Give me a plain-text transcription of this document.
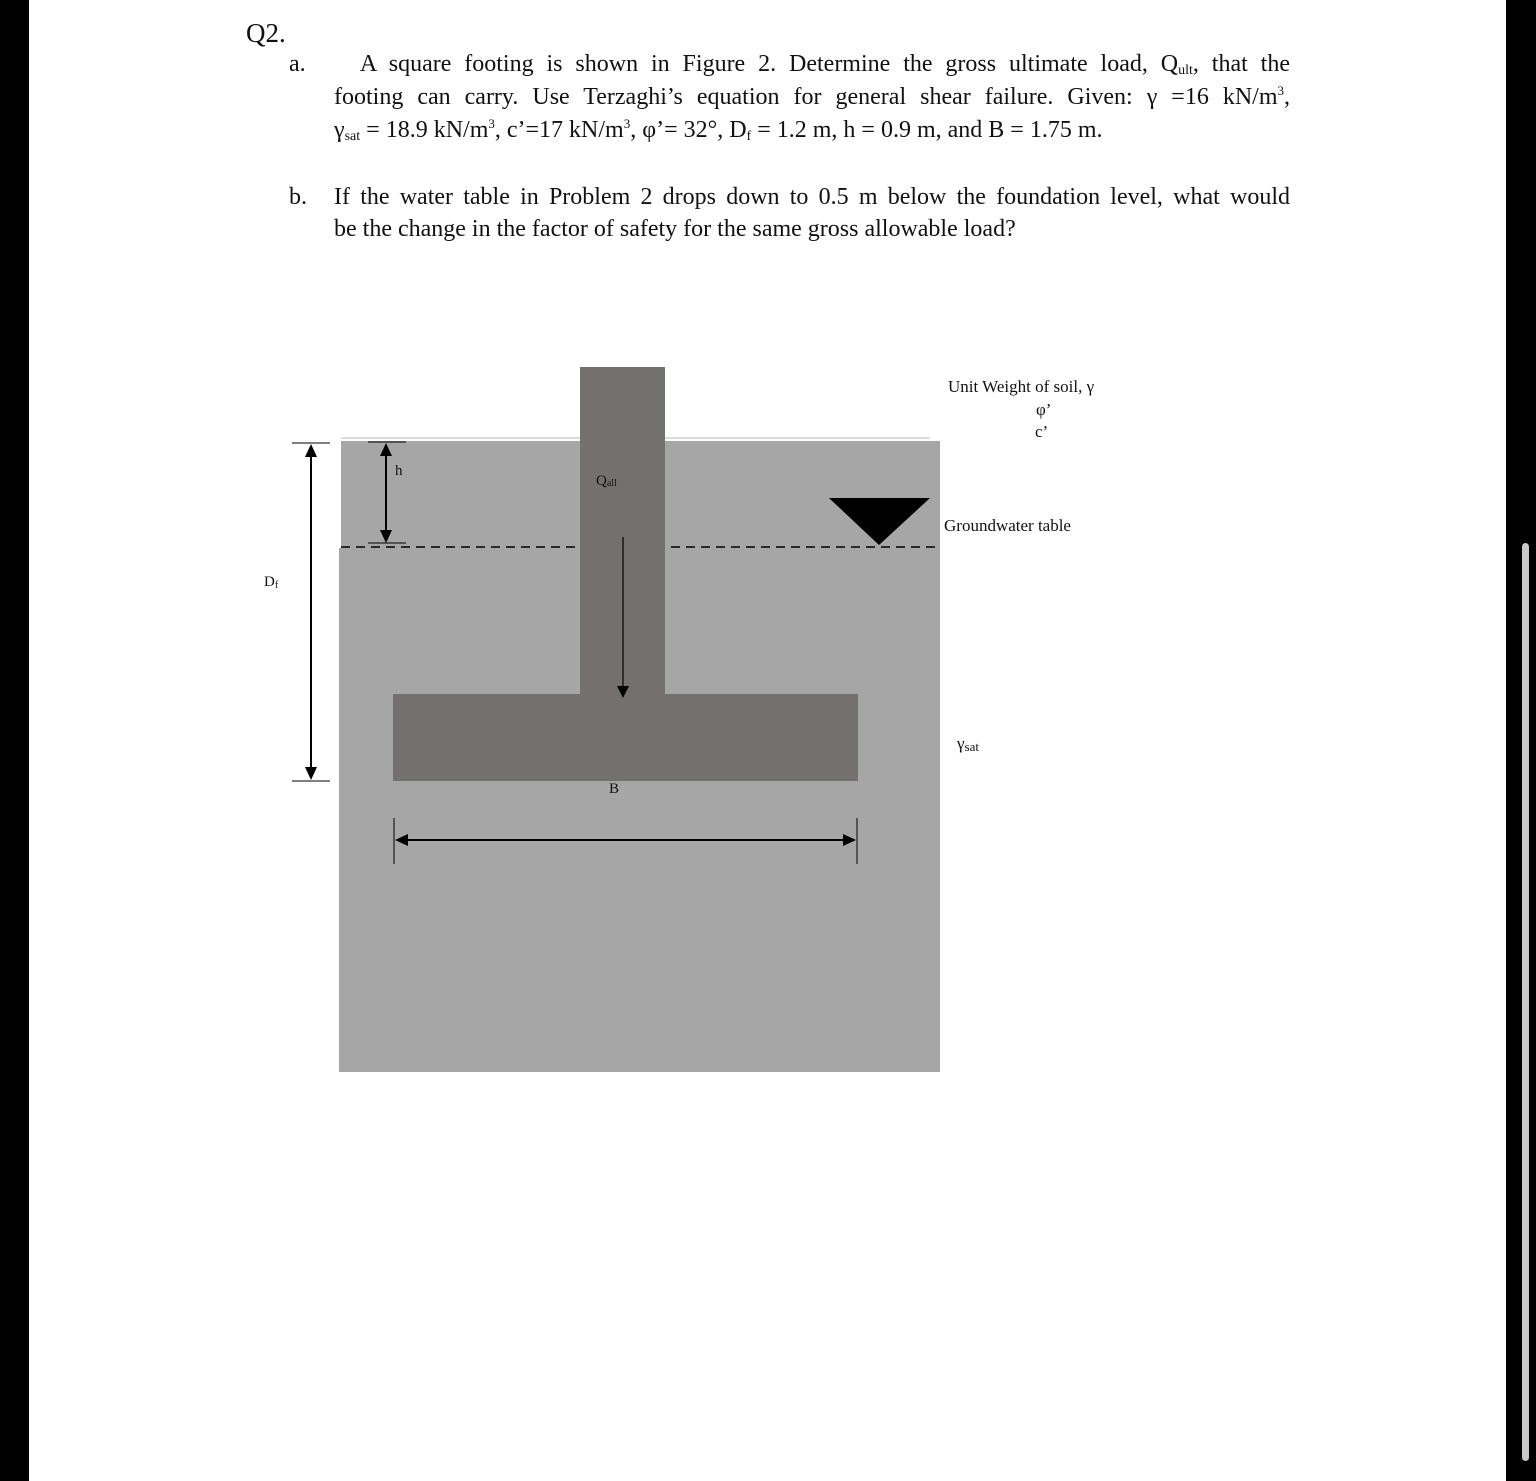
Q2.
a.	A square footing is shown in Figure 2. Determine the gross ultimate load, $Q_{ult}$, that the
footing can carry. Use Terzaghi’s equation for general shear failure. Given: γ =16 $kN/m^3$,
$\gamma_{sat} = 18.9$ $kN/m^3$, c’=17 $kN/m^3$, φ’= 32°, $D_f = 1.2$ m, h = 0.9 m, and B = 1.75 m.
b. If the water table in Problem 2 drops down to 0.5 m below the foundation level, what would
be the change in the factor of safety for the same gross allowable load?
h
Qall
Df
B
Unit Weight of soil, γ
φ’
c’
Groundwater table
γsat
